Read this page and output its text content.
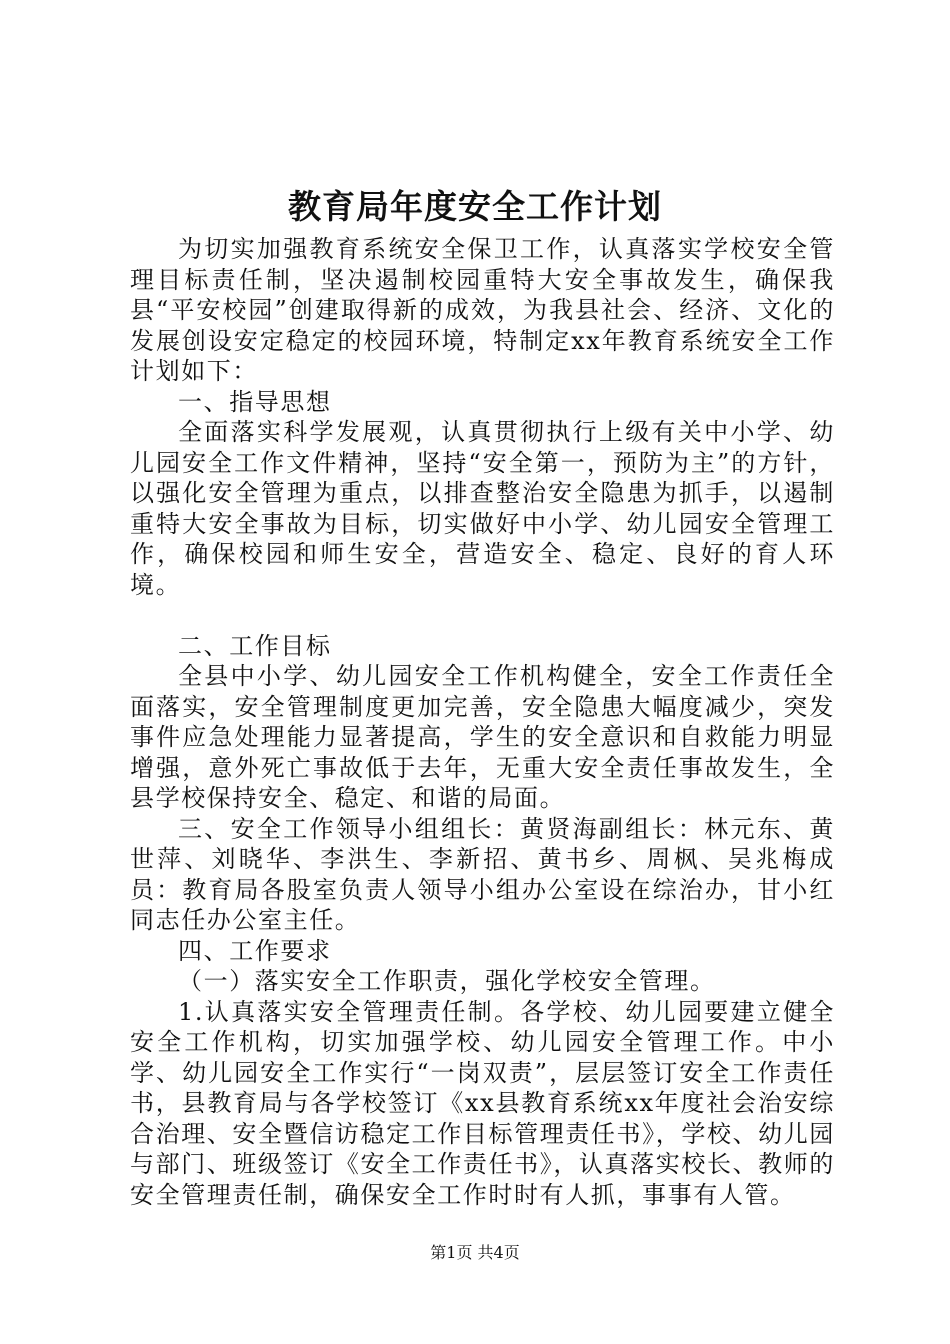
教育局年度安全工作计划

为切实加强教育系统安全保卫工作，认真落实学校安全管理目标责任制，坚决遏制校园重特大安全事故发生，确保我县“平安校园”创建取得新的成效，为我县社会、经济、文化的发展创设安定稳定的校园环境，特制定xx年教育系统安全工作计划如下：

一、指导思想

全面落实科学发展观，认真贯彻执行上级有关中小学、幼儿园安全工作文件精神，坚持“安全第一，预防为主”的方针，以强化安全管理为重点，以排查整治安全隐患为抓手，以遏制重特大安全事故为目标，切实做好中小学、幼儿园安全管理工作，确保校园和师生安全，营造安全、稳定、良好的育人环境。

二、工作目标

全县中小学、幼儿园安全工作机构健全，安全工作责任全面落实，安全管理制度更加完善，安全隐患大幅度减少，突发事件应急处理能力显著提高，学生的安全意识和自救能力明显增强，意外死亡事故低于去年，无重大安全责任事故发生，全县学校保持安全、稳定、和谐的局面。

三、安全工作领导小组组长：黄贤海副组长：林元东、黄世萍、刘晓华、李洪生、李新招、黄书乡、周枫、吴兆梅成员：教育局各股室负责人领导小组办公室设在综治办，甘小红同志任办公室主任。

四、工作要求

（一）落实安全工作职责，强化学校安全管理。

1.认真落实安全管理责任制。各学校、幼儿园要建立健全安全工作机构，切实加强学校、幼儿园安全管理工作。中小学、幼儿园安全工作实行“一岗双责”，层层签订安全工作责任书，县教育局与各学校签订《xx县教育系统xx年度社会治安综合治理、安全暨信访稳定工作目标管理责任书》，学校、幼儿园与部门、班级签订《安全工作责任书》，认真落实校长、教师的安全管理责任制，确保安全工作时时有人抓，事事有人管。

第1页 共4页
